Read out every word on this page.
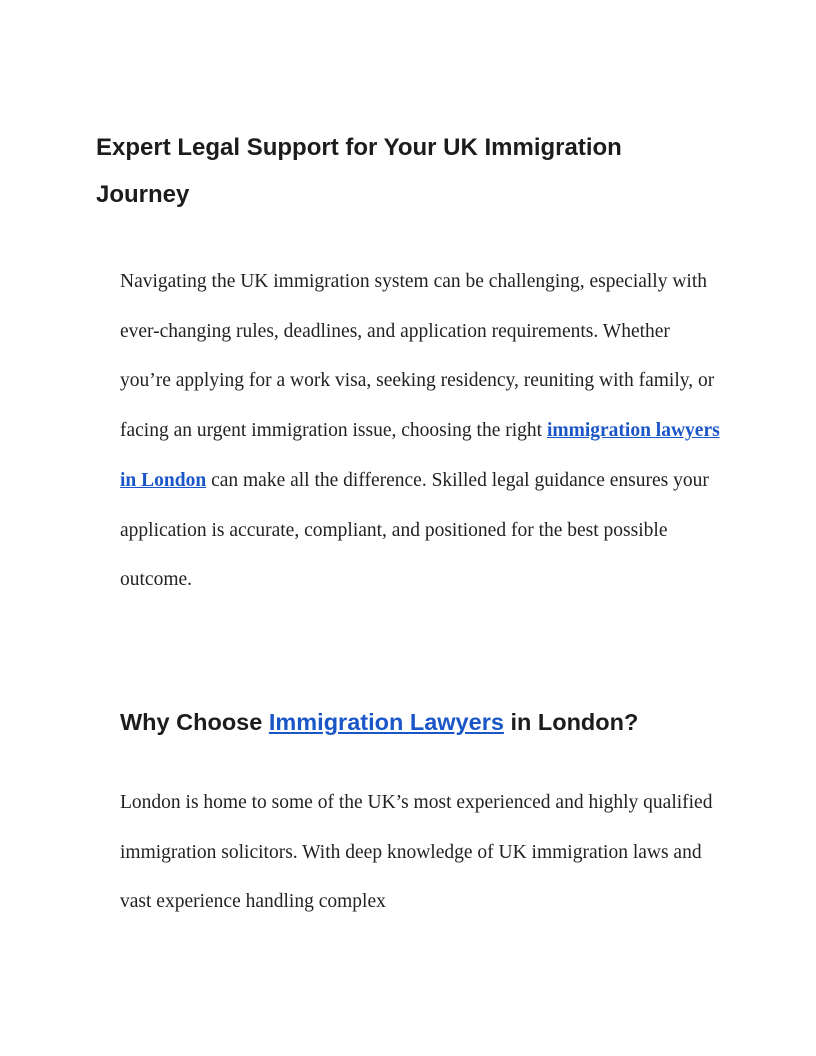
Expert Legal Support for Your UK Immigration Journey

Navigating the UK immigration system can be challenging, especially with ever-changing rules, deadlines, and application requirements. Whether you’re applying for a work visa, seeking residency, reuniting with family, or facing an urgent immigration issue, choosing the right immigration lawyers in London can make all the difference. Skilled legal guidance ensures your application is accurate, compliant, and positioned for the best possible outcome.

Why Choose Immigration Lawyers in London?

London is home to some of the UK’s most experienced and highly qualified immigration solicitors. With deep knowledge of UK immigration laws and vast experience handling complex
